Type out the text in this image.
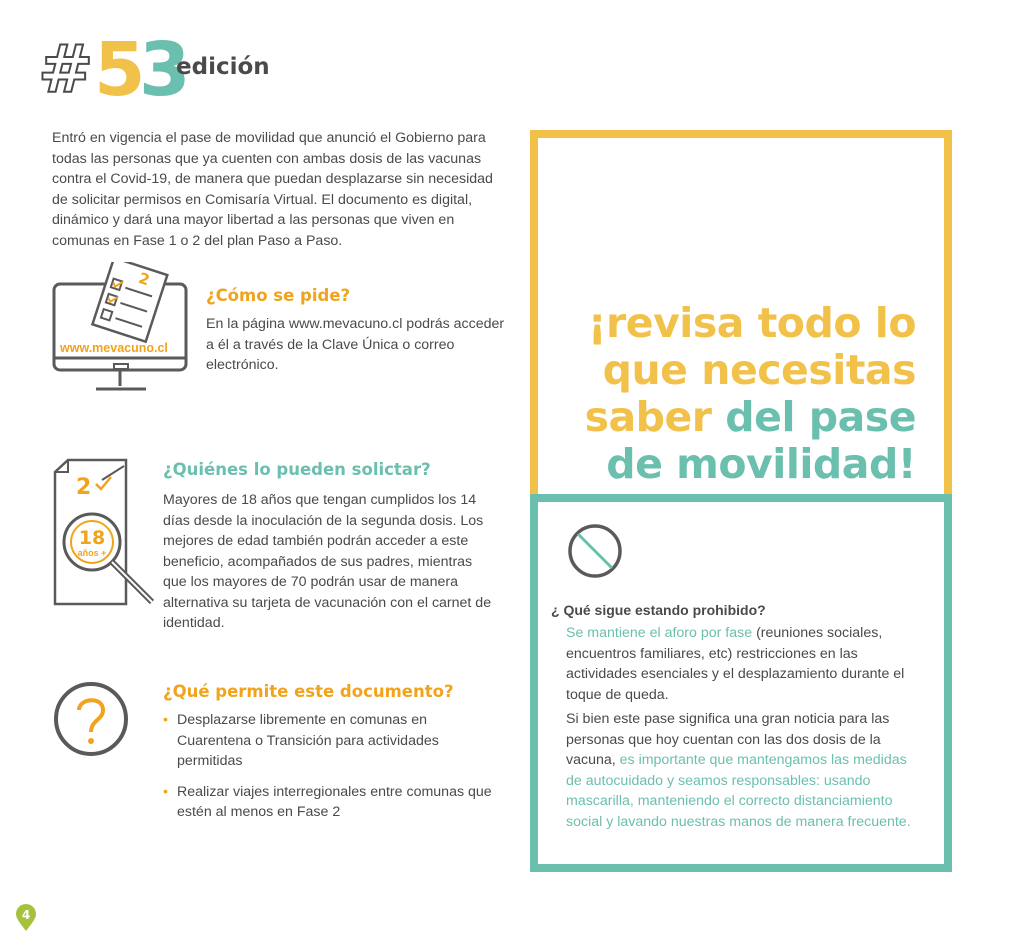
# 5
3
edición
Entró en vigencia el pase de movilidad que anunció el Gobierno para todas las personas que ya cuenten con ambas dosis de las vacunas contra el Covid-19, de manera que puedan desplazarse sin necesidad de solicitar permisos en Comisaría Virtual. El documento es digital, dinámico y dará una mayor libertad a las personas que viven en comunas en Fase 1 o 2 del plan Paso a Paso.
2
www.mevacuno.cl
¿Cómo se pide?
En la página www.mevacuno.cl podrás acceder a él a través de la Clave Única o correo electrónico.
2
18
años +
¿Quiénes lo pueden solictar?
Mayores de 18 años que tengan cumplidos los 14 días desde la inoculación de la segunda dosis. Los mejores de edad también podrán acceder a este beneficio, acompañados de sus padres, mientras que los mayores de 70 podrán usar de manera alternativa su tarjeta de vacunación con el carnet de identidad.
¿Qué permite este documento?
• Desplazarse libremente en comunas en Cuarentena o Transición para actividades permitidas
• Realizar viajes interregionales entre comunas que estén al menos en Fase 2
¡revisa todo lo
que necesitas
saber del pase
de movilidad!
¿ Qué sigue estando prohibido?
Se mantiene el aforo por fase (reuniones sociales, encuentros familiares, etc) restricciones en las actividades esenciales y el desplazamiento durante el toque de queda.
Si bien este pase significa una gran noticia para las personas que hoy cuentan con las dos dosis de la vacuna, es importante que mantengamos las medidas de autocuidado y seamos responsables: usando mascarilla, manteniendo el correcto distanciamiento social y lavando nuestras manos de manera frecuente.
4
